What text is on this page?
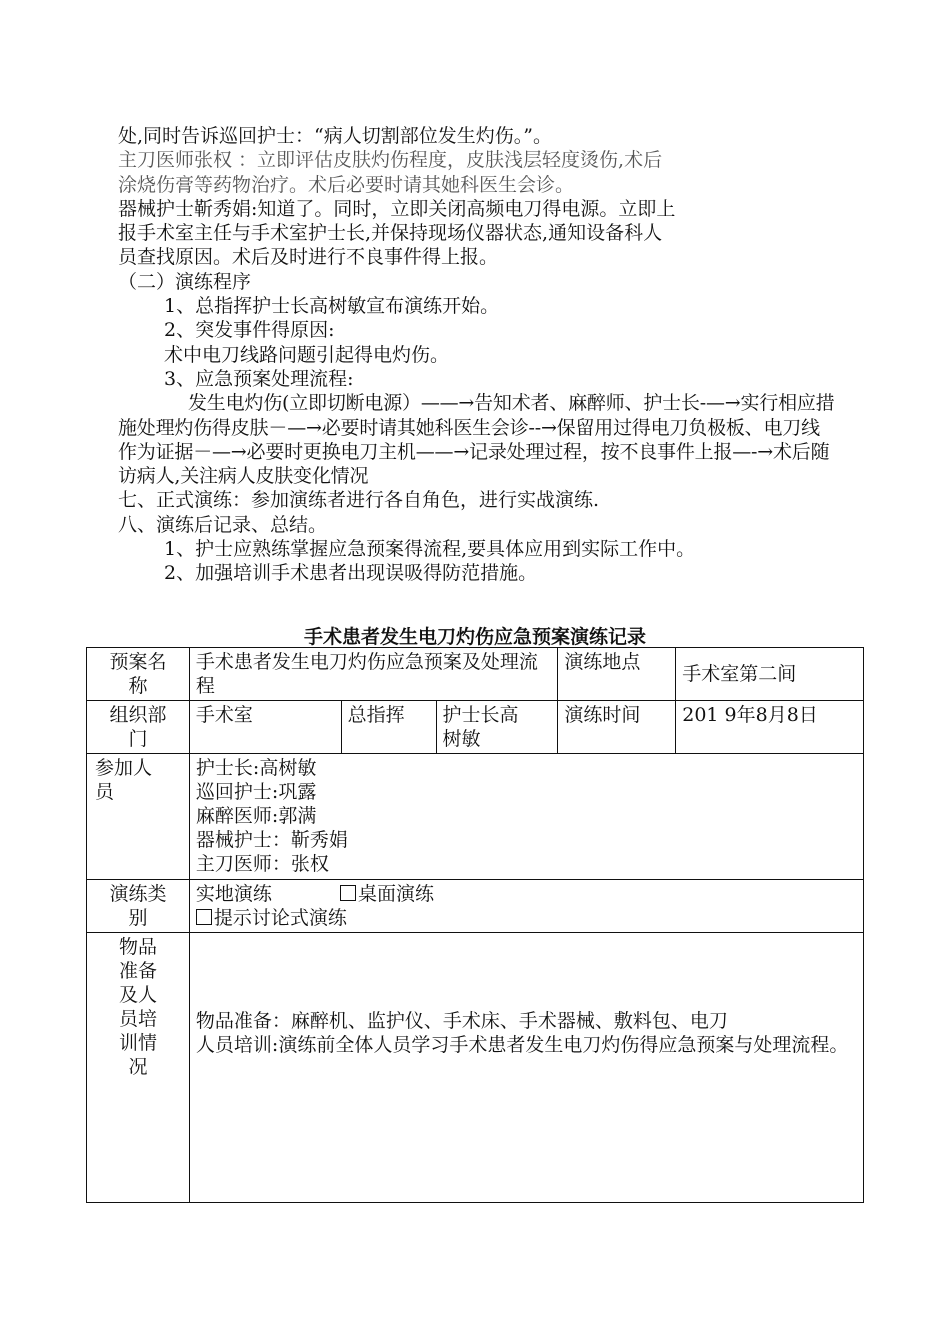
处,同时告诉巡回护士：“病人切割部位发生灼伤。”。

主刀医师张权 ：立即评估皮肤灼伤程度，皮肤浅层轻度烫伤,术后

涂烧伤膏等药物治疗。术后必要时请其她科医生会诊。

器械护士靳秀娟:知道了。同时，立即关闭高频电刀得电源。立即上

报手术室主任与手术室护士长,并保持现场仪器状态,通知设备科人

员查找原因。术后及时进行不良事件得上报。

（二）演练程序

1、总指挥护士长高树敏宣布演练开始。

2、突发事件得原因:

术中电刀线路问题引起得电灼伤。

3、应急预案处理流程:

发生电灼伤(立即切断电源）——→告知术者、麻醉师、护士长-—→实行相应措施处理灼伤得皮肤－—→必要时请其她科医生会诊--→保留用过得电刀负极板、电刀线作为证据－—→必要时更换电刀主机——→记录处理过程，按不良事件上报—-→术后随访病人,关注病人皮肤变化情况

七、正式演练：参加演练者进行各自角色，进行实战演练.

八、演练后记录、总结。

1、护士应熟练掌握应急预案得流程,要具体应用到实际工作中。

2、加强培训手术患者出现误吸得防范措施。

手术患者发生电刀灼伤应急预案演练记录
预案名称	手术患者发生电刀灼伤应急预案及处理流程			演练地点	手术室第二间
组织部门	手术室	总指挥	护士长高树敏	演练时间	201 9年8月8日
参加人员	护士长:高树敏
巡回护士:巩露
麻醉医师:郭满
器械护士：靳秀娟
主刀医师：张权				

演练类别	实地演练 桌面演练
提示讨论式演练				

物品准备及人员培训情况	物品准备：麻醉机、监护仪、手术床、手术器械、敷料包、电刀
人员培训:演练前全体人员学习手术患者发生电刀灼伤得应急预案与处理流程。				
